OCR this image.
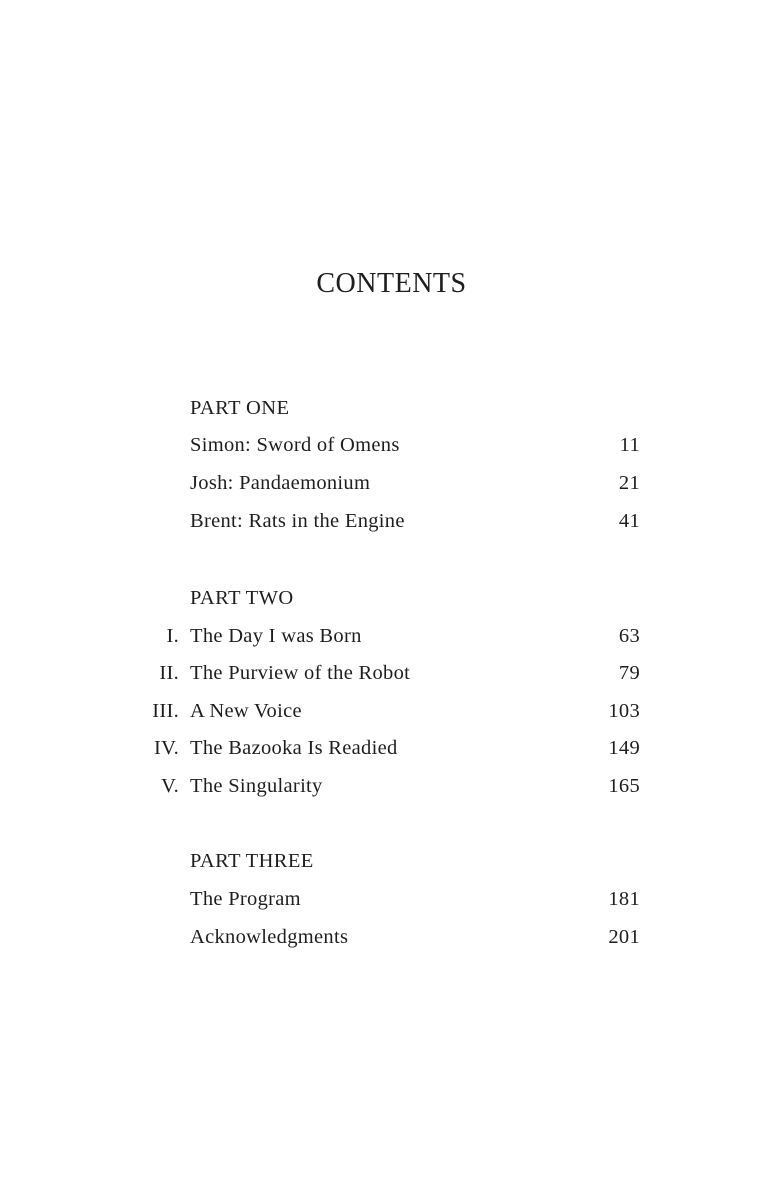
CONTENTS
PART ONE
Simon: Sword of Omens	11
Josh: Pandaemonium	21
Brent: Rats in the Engine	41
PART TWO
I. The Day I was Born	63
II. The Purview of the Robot	79
III. A New Voice	103
IV. The Bazooka Is Readied	149
V. The Singularity	165
PART THREE
The Program	181
Acknowledgments	201
